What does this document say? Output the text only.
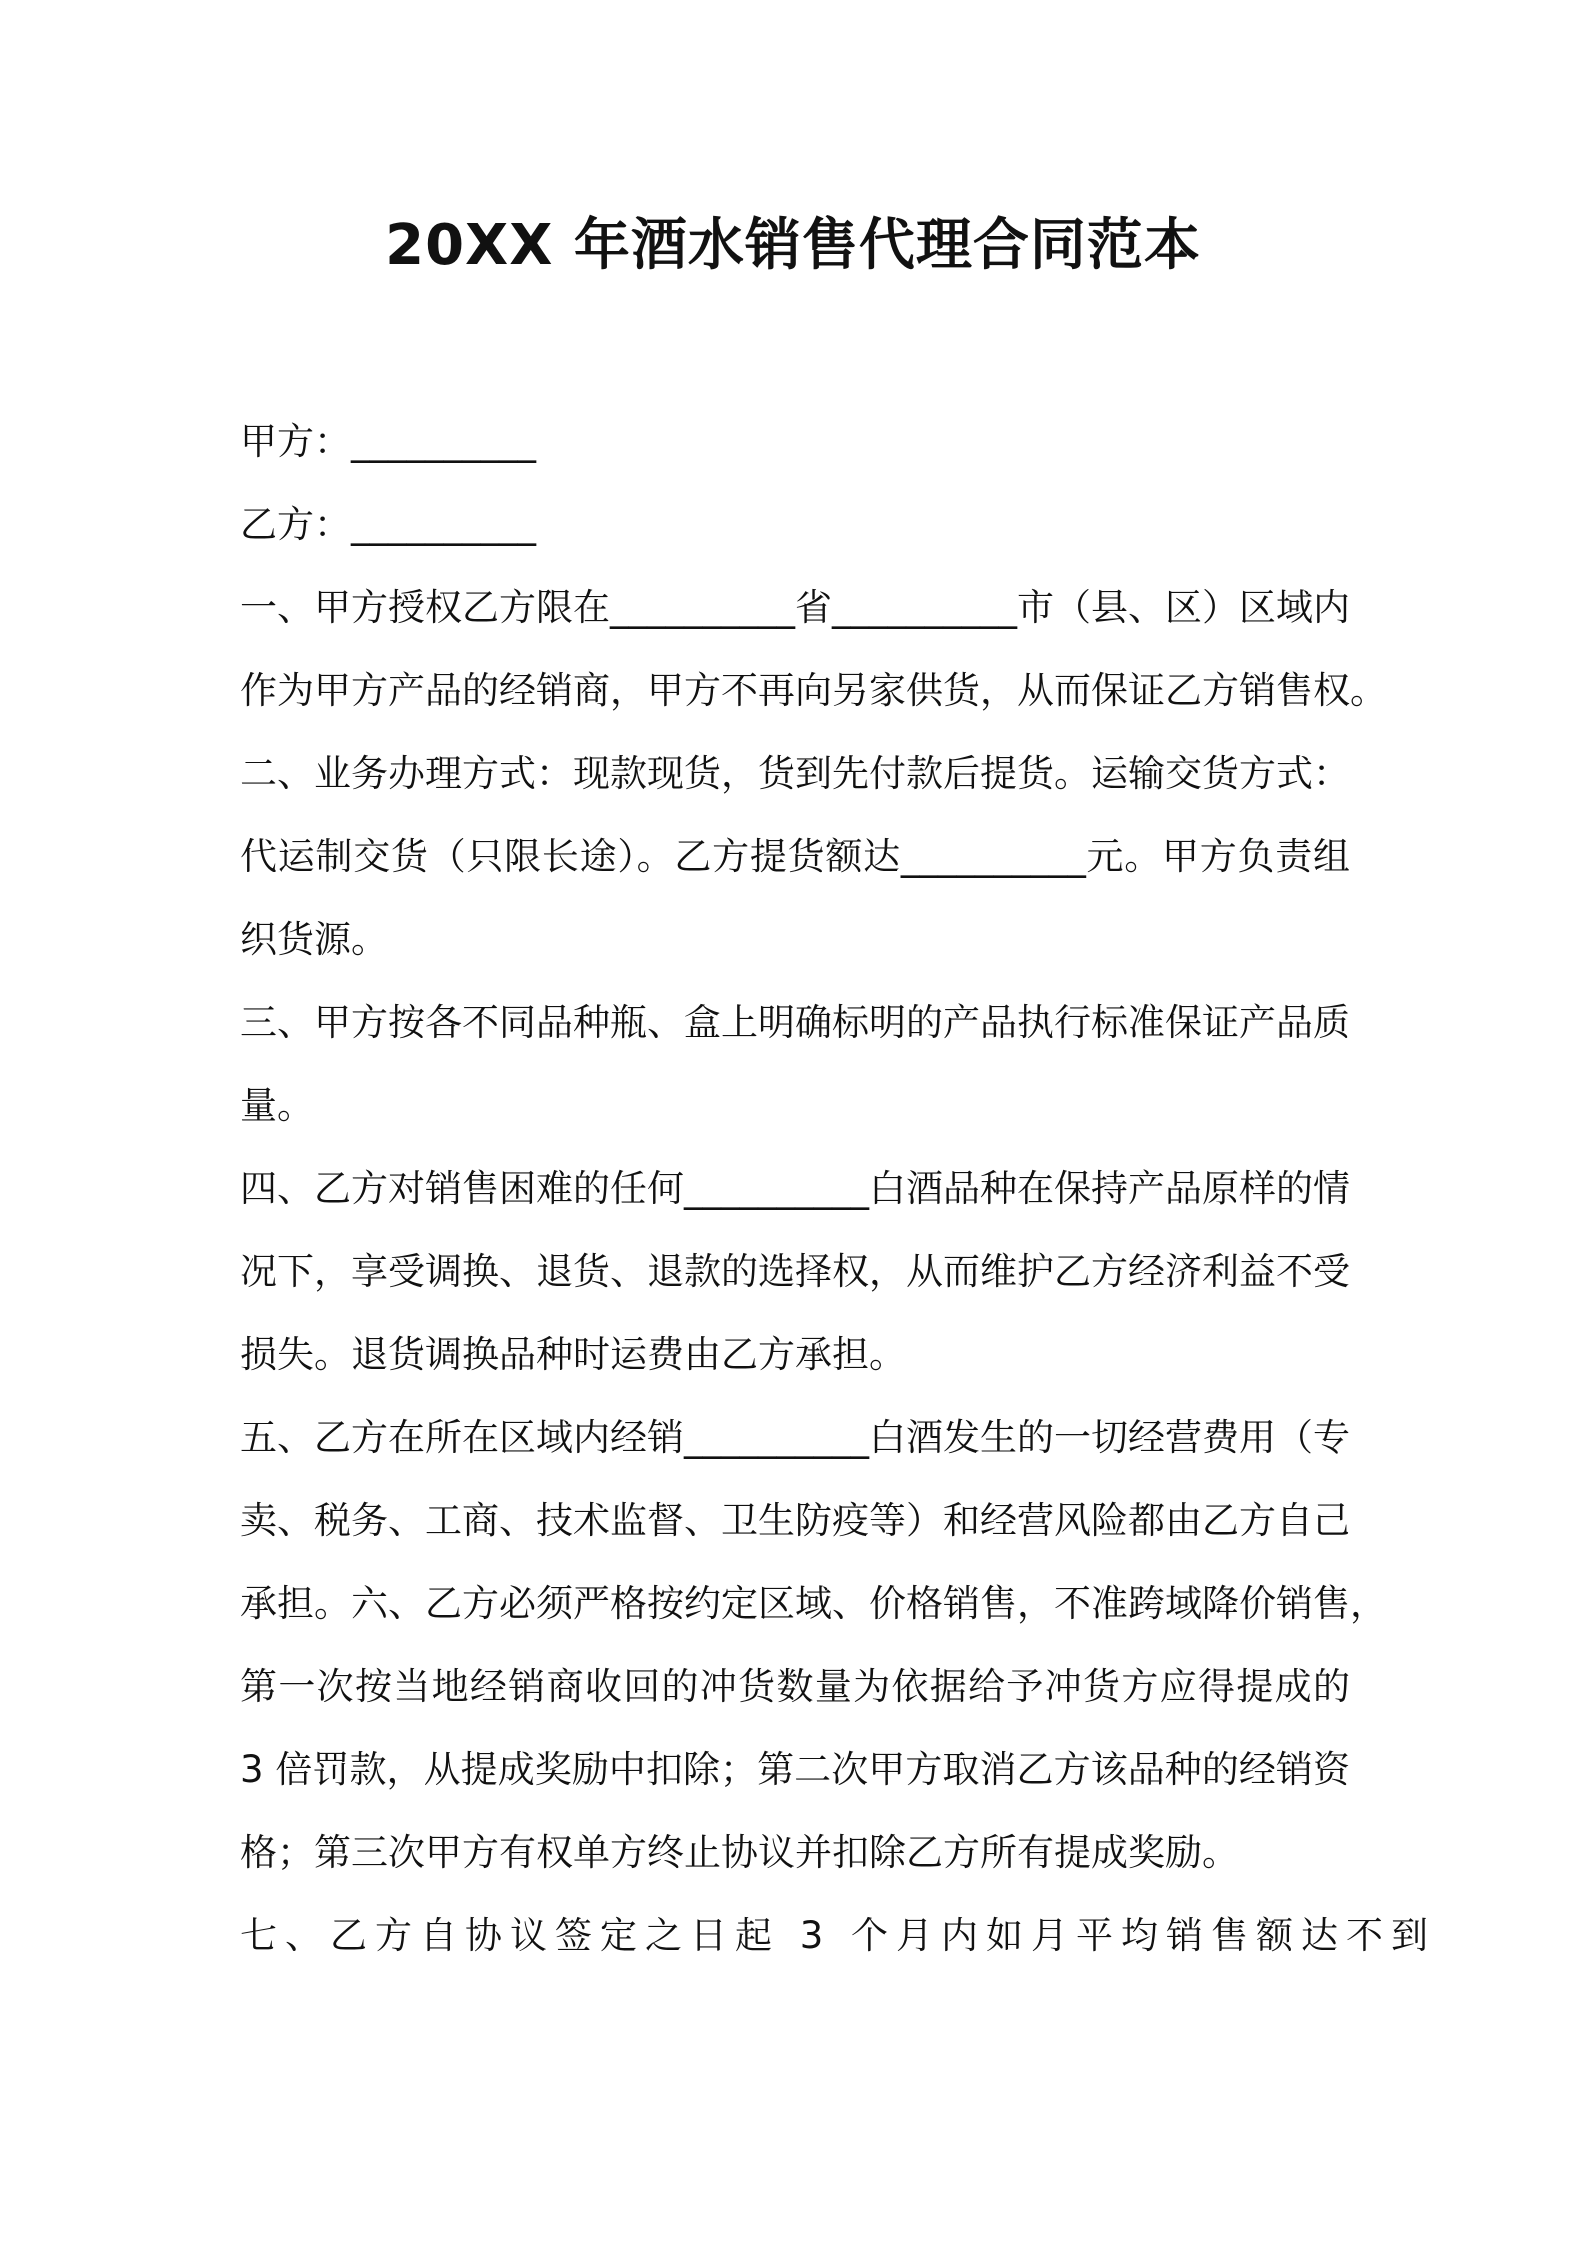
20XX 年酒水销售代理合同范本
甲方：__________
乙方：__________
一、甲方授权乙方限在__________省__________市（县、区）区域内
作为甲方产品的经销商，甲方不再向另家供货，从而保证乙方销售权。
二、业务办理方式：现款现货，货到先付款后提货。运输交货方式：
代运制交货（只限长途）。乙方提货额达__________元。甲方负责组
织货源。
三、甲方按各不同品种瓶、盒上明确标明的产品执行标准保证产品质
量。
四、乙方对销售困难的任何__________白酒品种在保持产品原样的情
况下，享受调换、退货、退款的选择权，从而维护乙方经济利益不受
损失。退货调换品种时运费由乙方承担。
五、乙方在所在区域内经销__________白酒发生的一切经营费用（专
卖、税务、工商、技术监督、卫生防疫等）和经营风险都由乙方自己
承担。六、乙方必须严格按约定区域、价格销售，不准跨域降价销售，
第一次按当地经销商收回的冲货数量为依据给予冲货方应得提成的
3 倍罚款，从提成奖励中扣除；第二次甲方取消乙方该品种的经销资
格；第三次甲方有权单方终止协议并扣除乙方所有提成奖励。
七、乙方自协议签定之日起 3 个月内如月平均销售额达不到
